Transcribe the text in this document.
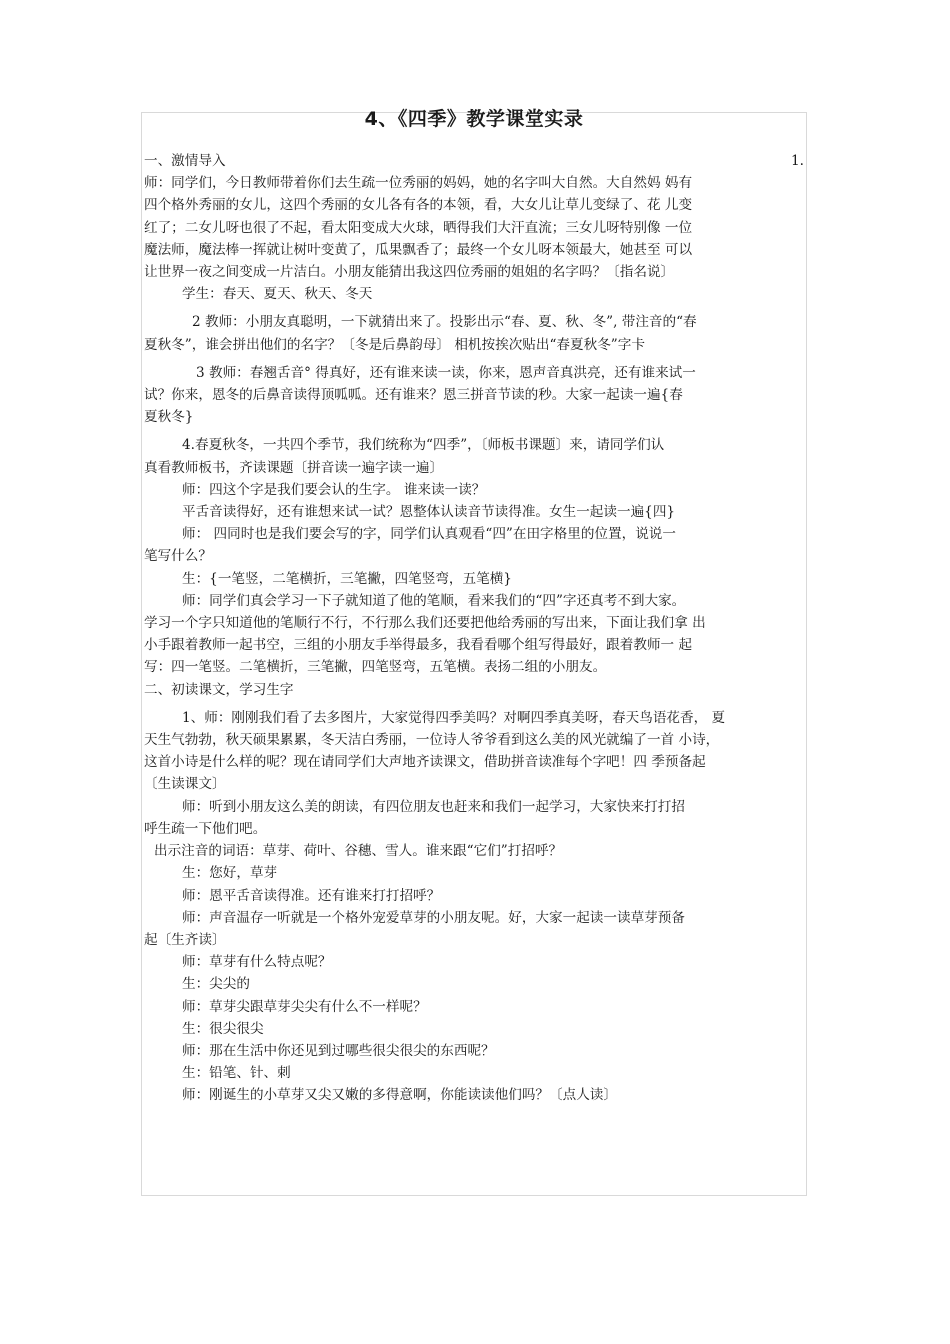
4、《四季》教学课堂实录
一、激情导入	1.
师：同学们，今日教师带着你们去生疏一位秀丽的妈妈，她的名字叫大自然。大自然妈 妈有
四个格外秀丽的女儿，这四个秀丽的女儿各有各的本领，看，大女儿让草儿变绿了、花 儿变
红了；二女儿呀也很了不起，看太阳变成大火球，晒得我们大汗直流；三女儿呀特别像 一位
魔法师，魔法棒一挥就让树叶变黄了，瓜果飘香了；最终一个女儿呀本领最大，她甚至 可以
让世界一夜之间变成一片洁白。小朋友能猜出我这四位秀丽的姐姐的名字吗？〔指名说〕
学生：春天、夏天、秋天、冬天
2 教师：小朋友真聪明，一下就猜出来了。投影出示“春、夏、秋、冬”, 带注音的“春
夏秋冬”，谁会拼出他们的名字？〔冬是后鼻韵母〕 相机按挨次贴出“春夏秋冬”字卡
3 教师：春翘舌音° 得真好，还有谁来读一读，你来，恩声音真洪亮，还有谁来试一
试？你来，恩冬的后鼻音读得顶呱呱。还有谁来？恩三拼音节读的秒。大家一起读一遍{春
夏秋冬}
4.春夏秋冬，一共四个季节，我们统称为“四季”，〔师板书课题〕来，请同学们认
真看教师板书，齐读课题〔拼音读一遍字读一遍〕
师：四这个字是我们要会认的生字。 谁来读一读？
平舌音读得好，还有谁想来试一试？恩整体认读音节读得准。女生一起读一遍{四}
师： 四同时也是我们要会写的字，同学们认真观看“四”在田字格里的位置，说说一
笔写什么？
生：{一笔竖，二笔横折，三笔撇，四笔竖弯，五笔横}
师：同学们真会学习一下子就知道了他的笔顺，看来我们的“四”字还真考不到大家。
学习一个字只知道他的笔顺行不行，不行那么我们还要把他给秀丽的写出来，下面让我们拿 出
小手跟着教师一起书空，三组的小朋友手举得最多，我看看哪个组写得最好，跟着教师一 起
写：四一笔竖。二笔横折，三笔撇，四笔竖弯，五笔横。表扬二组的小朋友。
二、初读课文，学习生字
1、师：刚刚我们看了去多图片，大家觉得四季美吗？对啊四季真美呀，春天鸟语花香， 夏
天生气勃勃，秋天硕果累累，冬天洁白秀丽，一位诗人爷爷看到这么美的风光就编了一首 小诗，
这首小诗是什么样的呢？现在请同学们大声地齐读课文，借助拼音读准每个字吧！四 季预备起
〔生读课文〕
师：听到小朋友这么美的朗读，有四位朋友也赶来和我们一起学习，大家快来打打招
呼生疏一下他们吧。
出示注音的词语：草芽、荷叶、谷穗、雪人。谁来跟“它们”打招呼？
生：您好，草芽
师：恩平舌音读得准。还有谁来打打招呼？
师：声音温存一听就是一个格外宠爱草芽的小朋友呢。好，大家一起读一读草芽预备
起〔生齐读〕
师：草芽有什么特点呢？
生：尖尖的
师：草芽尖跟草芽尖尖有什么不一样呢？
生：很尖很尖
师：那在生活中你还见到过哪些很尖很尖的东西呢？
生：铅笔、针、刺
师：刚诞生的小草芽又尖又嫩的多得意啊，你能读读他们吗？〔点人读〕
